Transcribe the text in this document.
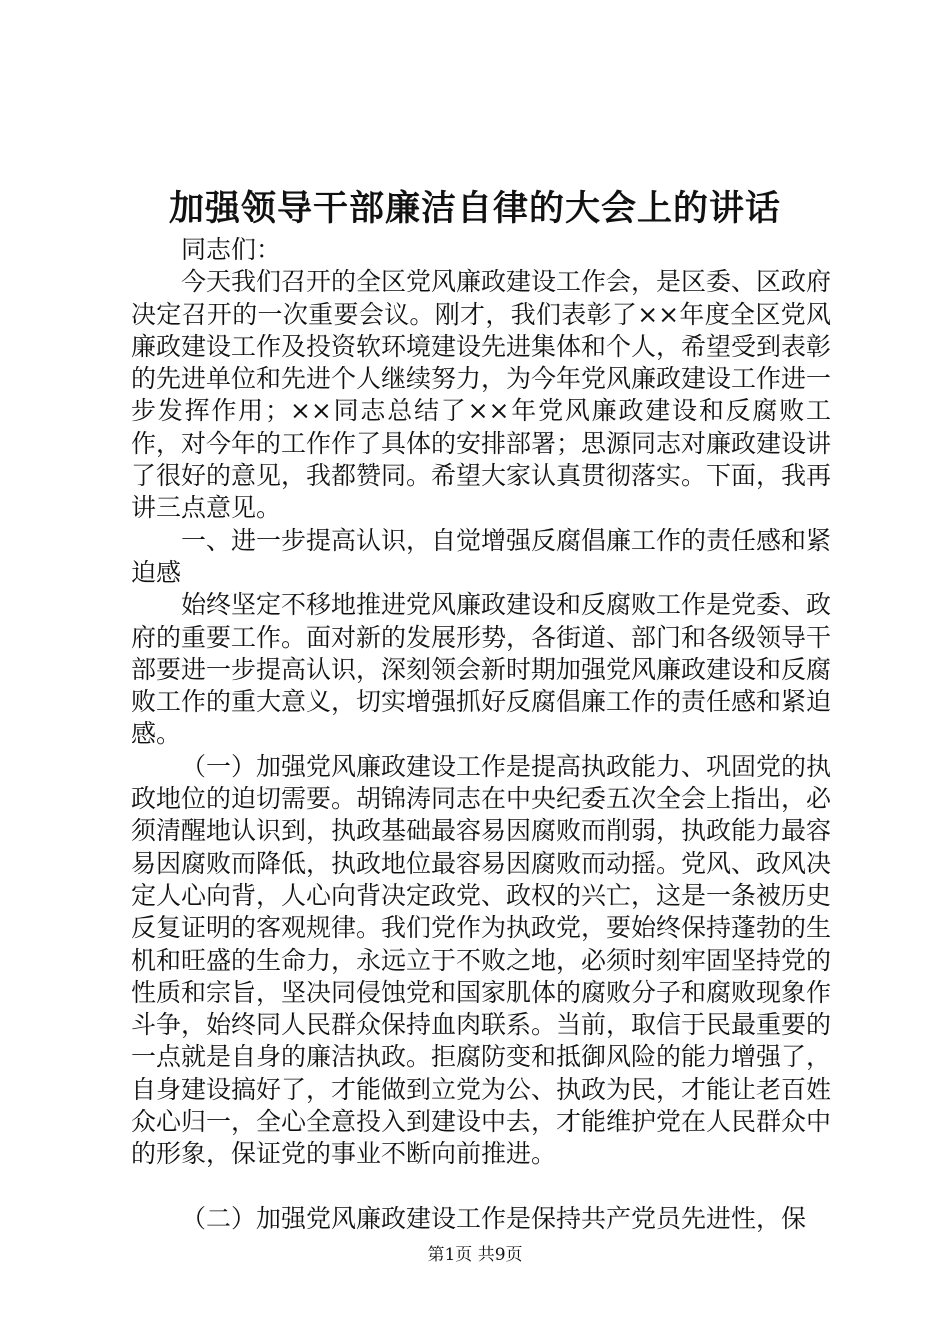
加强领导干部廉洁自律的大会上的讲话

同志们：

今天我们召开的全区党风廉政建设工作会，是区委、区政府决定召开的一次重要会议。刚才，我们表彰了××年度全区党风廉政建设工作及投资软环境建设先进集体和个人，希望受到表彰的先进单位和先进个人继续努力，为今年党风廉政建设工作进一步发挥作用；××同志总结了××年党风廉政建设和反腐败工作，对今年的工作作了具体的安排部署；思源同志对廉政建设讲了很好的意见，我都赞同。希望大家认真贯彻落实。下面，我再讲三点意见。

一、进一步提高认识，自觉增强反腐倡廉工作的责任感和紧迫感

始终坚定不移地推进党风廉政建设和反腐败工作是党委、政府的重要工作。面对新的发展形势，各街道、部门和各级领导干部要进一步提高认识，深刻领会新时期加强党风廉政建设和反腐败工作的重大意义，切实增强抓好反腐倡廉工作的责任感和紧迫感。

（一）加强党风廉政建设工作是提高执政能力、巩固党的执政地位的迫切需要。胡锦涛同志在中央纪委五次全会上指出，必须清醒地认识到，执政基础最容易因腐败而削弱，执政能力最容易因腐败而降低，执政地位最容易因腐败而动摇。党风、政风决定人心向背，人心向背决定政党、政权的兴亡，这是一条被历史反复证明的客观规律。我们党作为执政党，要始终保持蓬勃的生机和旺盛的生命力，永远立于不败之地，必须时刻牢固坚持党的性质和宗旨，坚决同侵蚀党和国家肌体的腐败分子和腐败现象作斗争，始终同人民群众保持血肉联系。当前，取信于民最重要的一点就是自身的廉洁执政。拒腐防变和抵御风险的能力增强了，自身建设搞好了，才能做到立党为公、执政为民，才能让老百姓众心归一，全心全意投入到建设中去，才能维护党在人民群众中的形象，保证党的事业不断向前推进。

（二）加强党风廉政建设工作是保持共产党员先进性，保

第1页 共9页
